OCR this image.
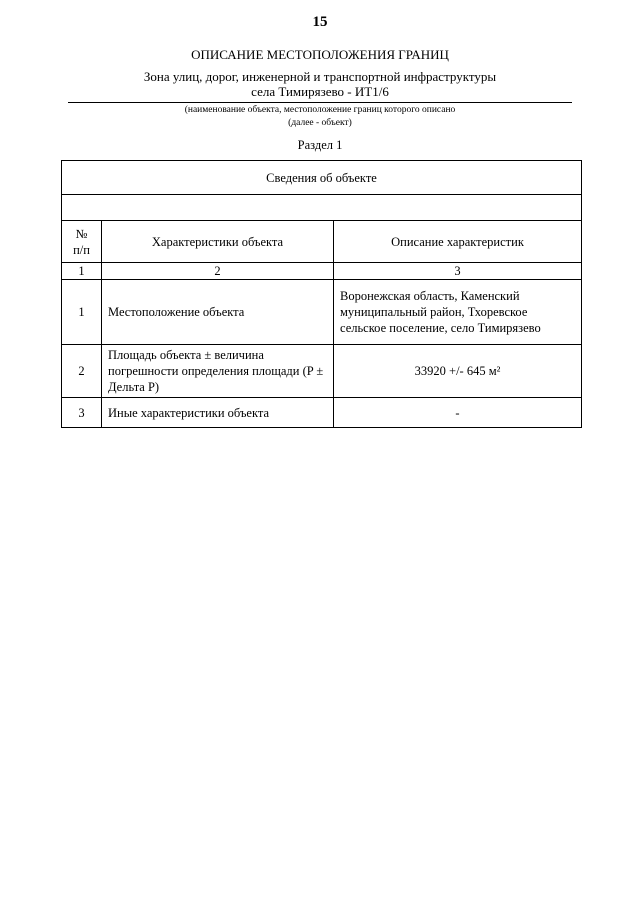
15
ОПИСАНИЕ МЕСТОПОЛОЖЕНИЯ ГРАНИЦ
Зона улиц, дорог, инженерной и транспортной инфраструктуры
села Тимирязево - ИТ1/6
(наименование объекта, местоположение границ которого описано
(далее - объект)
Раздел 1
Сведения об объекте		

№
п/п	Характеристики объекта	Описание характеристик
1	2	3
1	Местоположение объекта	Воронежская область, Каменский муниципальный район, Тхоревское сельское поселение, село Тимирязево
2	Площадь объекта ± величина погрешности определения площади (P ± Дельта P)	33920 +/- 645 м²
3	Иные характеристики объекта	-
